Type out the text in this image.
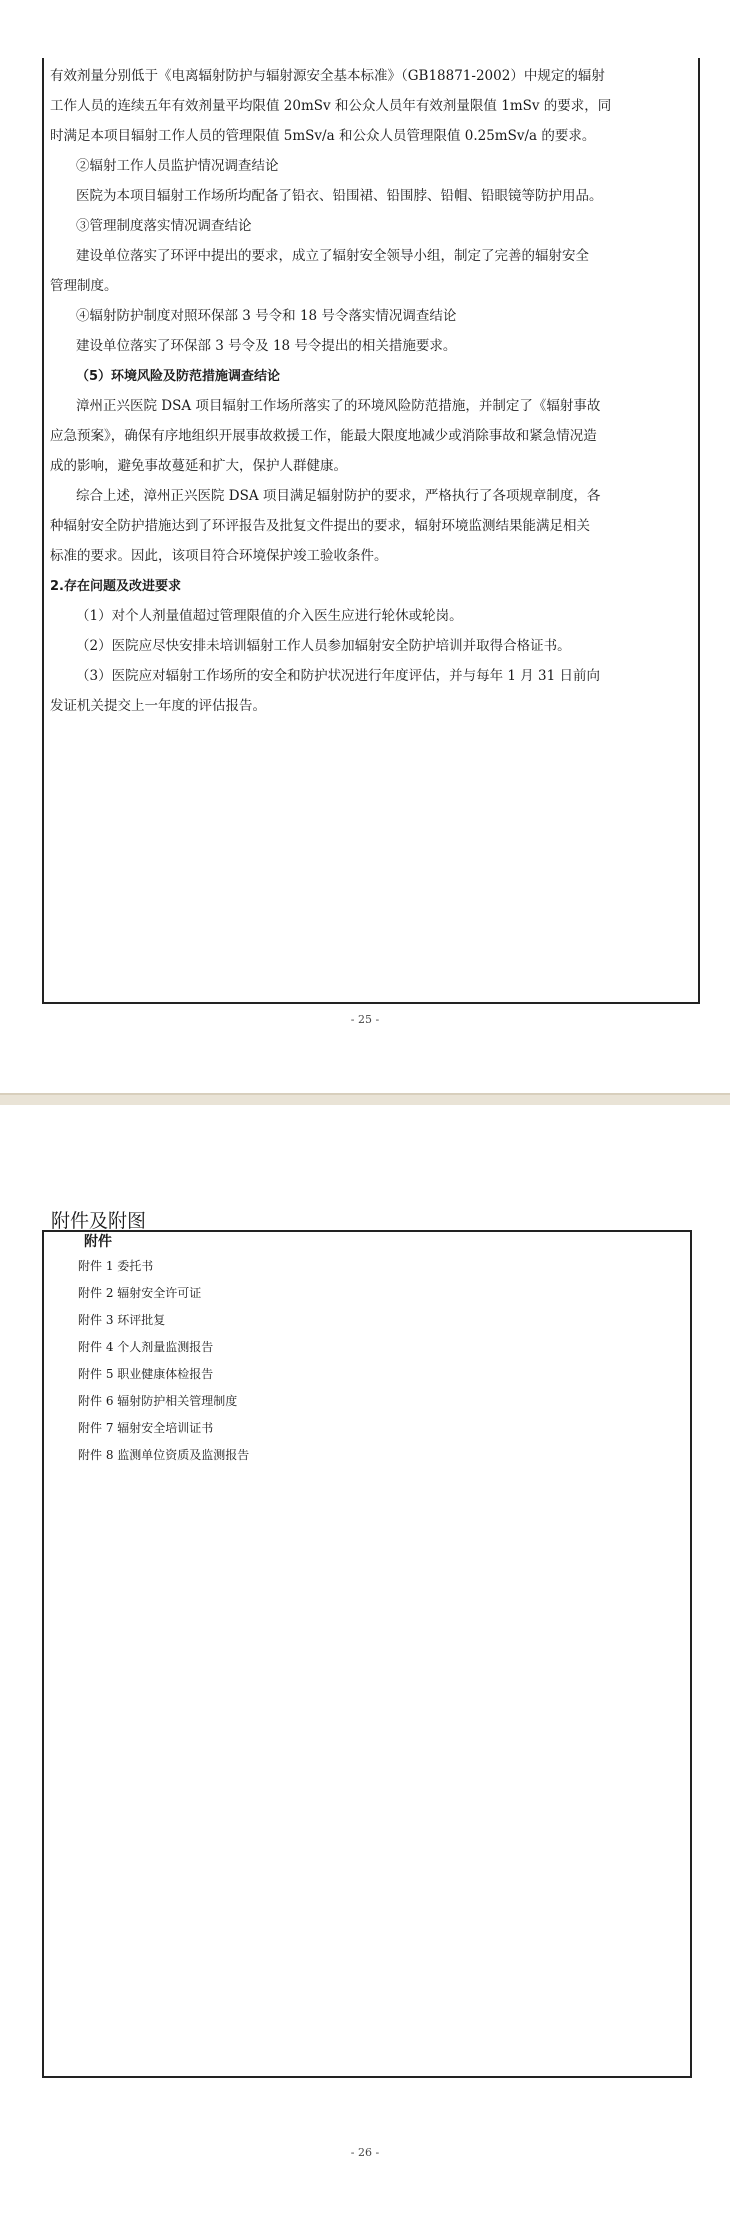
有效剂量分别低于《电离辐射防护与辐射源安全基本标准》（GB18871-2002）中规定的辐射

工作人员的连续五年有效剂量平均限值 20mSv 和公众人员年有效剂量限值 1mSv 的要求，同

时满足本项目辐射工作人员的管理限值 5mSv/a 和公众人员管理限值 0.25mSv/a 的要求。

②辐射工作人员监护情况调查结论

医院为本项目辐射工作场所均配备了铅衣、铅围裙、铅围脖、铅帽、铅眼镜等防护用品。

③管理制度落实情况调查结论

建设单位落实了环评中提出的要求，成立了辐射安全领导小组，制定了完善的辐射安全

管理制度。

④辐射防护制度对照环保部 3 号令和 18 号令落实情况调查结论

建设单位落实了环保部 3 号令及 18 号令提出的相关措施要求。

（5）环境风险及防范措施调查结论

漳州正兴医院 DSA 项目辐射工作场所落实了的环境风险防范措施，并制定了《辐射事故

应急预案》，确保有序地组织开展事故救援工作，能最大限度地减少或消除事故和紧急情况造

成的影响，避免事故蔓延和扩大，保护人群健康。

综合上述，漳州正兴医院 DSA 项目满足辐射防护的要求，严格执行了各项规章制度，各

种辐射安全防护措施达到了环评报告及批复文件提出的要求，辐射环境监测结果能满足相关

标准的要求。因此，该项目符合环境保护竣工验收条件。

2.存在问题及改进要求

（1）对个人剂量值超过管理限值的介入医生应进行轮休或轮岗。

（2）医院应尽快安排未培训辐射工作人员参加辐射安全防护培训并取得合格证书。

（3）医院应对辐射工作场所的安全和防护状况进行年度评估，并与每年 1 月 31 日前向

发证机关提交上一年度的评估报告。

- 25 -

附件及附图

附件

附件 1 委托书

附件 2 辐射安全许可证

附件 3 环评批复

附件 4 个人剂量监测报告

附件 5 职业健康体检报告

附件 6 辐射防护相关管理制度

附件 7 辐射安全培训证书

附件 8 监测单位资质及监测报告

- 26 -
